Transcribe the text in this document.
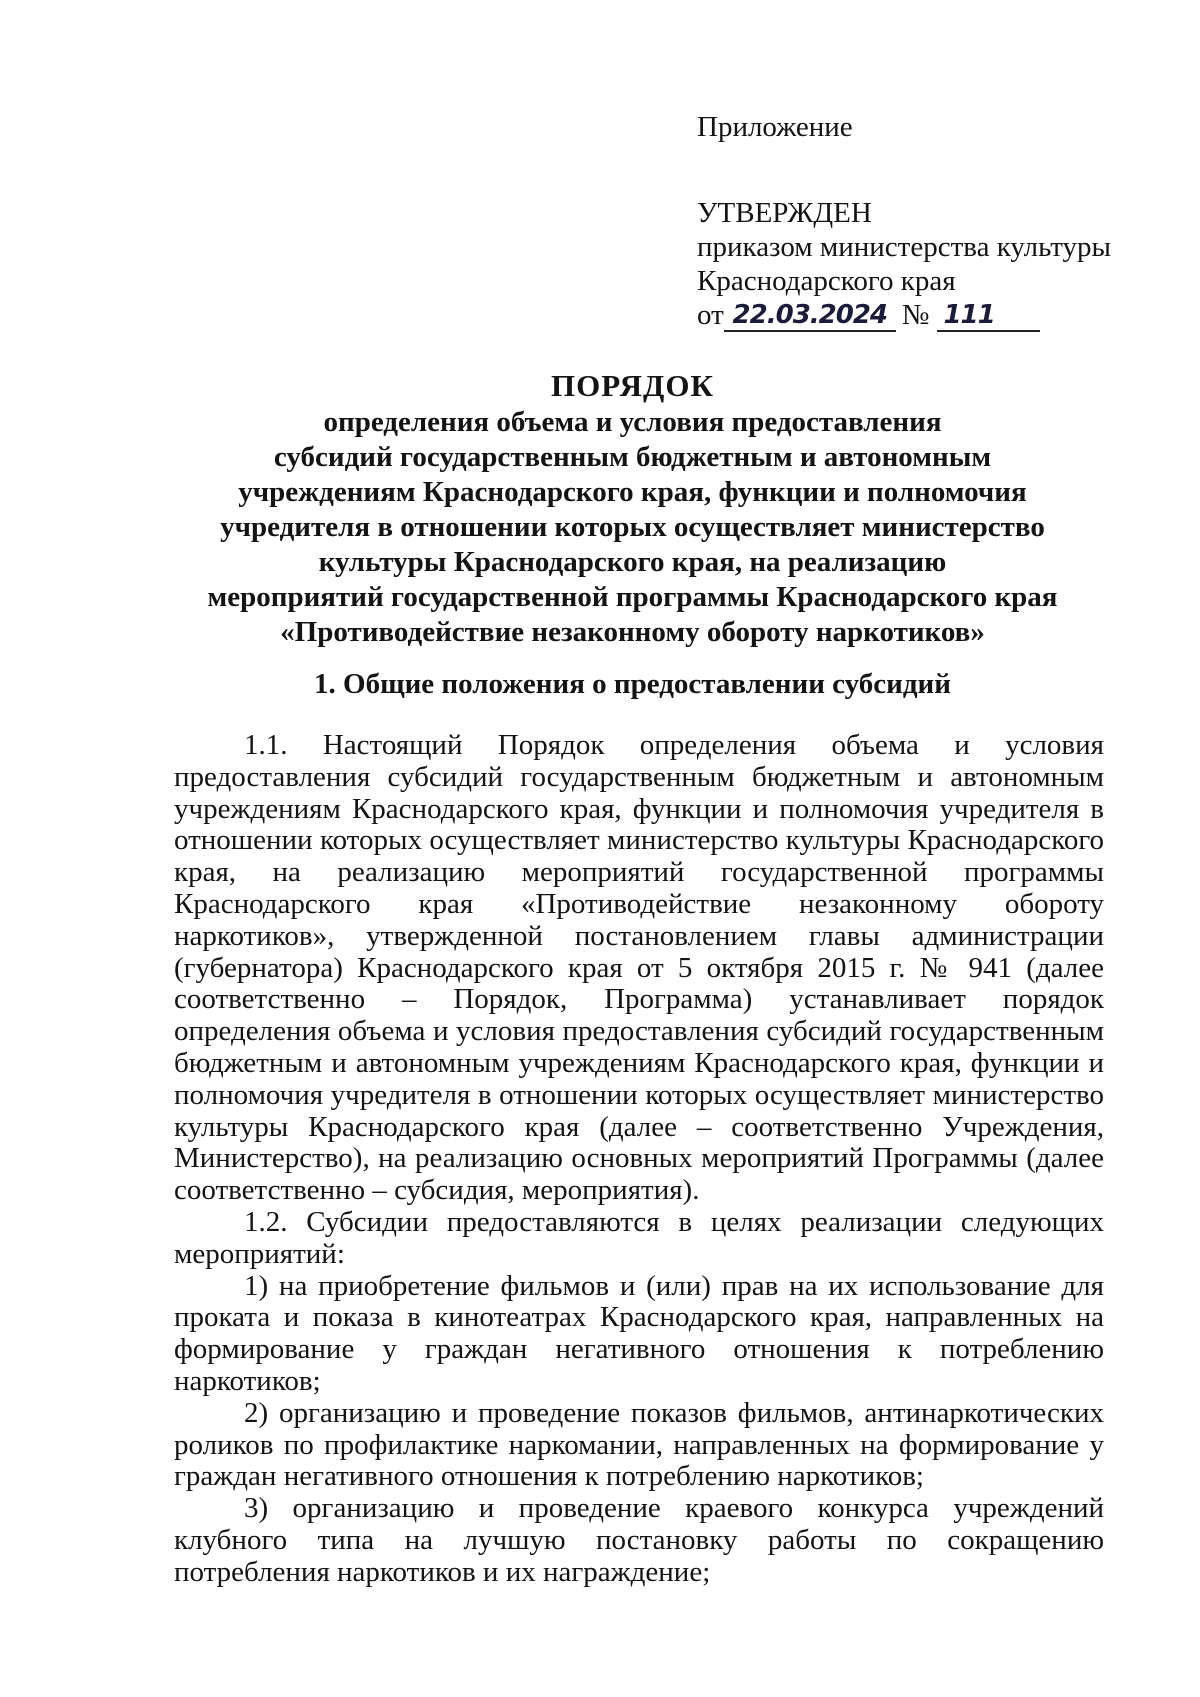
Приложение
УТВЕРЖДЕН
приказом министерства культуры
Краснодарского края
от 22.03.2024 № 111
ПОРЯДОК
определения объема и условия предоставления
субсидий государственным бюджетным и автономным
учреждениям Краснодарского края, функции и полномочия
учредителя в отношении которых осуществляет министерство
культуры Краснодарского края, на реализацию
мероприятий государственной программы Краснодарского края
«Противодействие незаконному обороту наркотиков»
1. Общие положения о предоставлении субсидий

1.1. Настоящий Порядок определения объема и условия предоставления субсидий государственным бюджетным и автономным учреждениям Краснодарского края, функции и полномочия учредителя в отношении которых осуществляет министерство культуры Краснодарского края, на реализацию мероприятий государственной программы Краснодарского края «Противодействие незаконному обороту наркотиков», утвержденной постановлением главы администрации (губернатора) Краснодарского края от 5 октября 2015 г. № 941 (далее соответственно – Порядок, Программа) устанавливает порядок определения объема и условия предоставления субсидий государственным бюджетным и автономным учреждениям Краснодарского края, функции и полномочия учредителя в отношении которых осуществляет министерство культуры Краснодарского края (далее – соответственно Учреждения, Министерство), на реализацию основных мероприятий Программы (далее соответственно – субсидия, мероприятия).

1.2. Субсидии предоставляются в целях реализации следующих мероприятий:

1) на приобретение фильмов и (или) прав на их использование для проката и показа в кинотеатрах Краснодарского края, направленных на формирование у граждан негативного отношения к потреблению наркотиков;

2) организацию и проведение показов фильмов, антинаркотических роликов по профилактике наркомании, направленных на формирование у граждан негативного отношения к потреблению наркотиков;

3) организацию и проведение краевого конкурса учреждений клубного типа на лучшую постановку работы по сокращению потребления наркотиков и их награждение;
